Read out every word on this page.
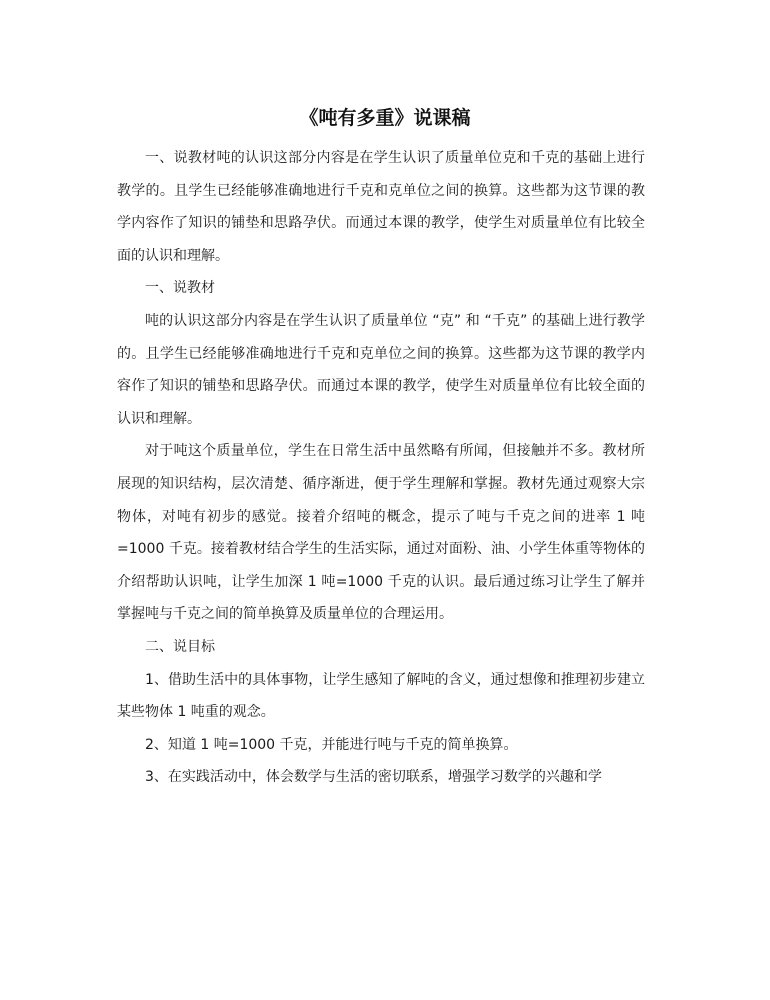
《吨有多重》说课稿

一、说教材吨的认识这部分内容是在学生认识了质量单位克和千克的基础上进行教学的。且学生已经能够准确地进行千克和克单位之间的换算。这些都为这节课的教学内容作了知识的铺垫和思路孕伏。而通过本课的教学，使学生对质量单位有比较全面的认识和理解。

一、说教材

吨的认识这部分内容是在学生认识了质量单位 “克” 和 “千克” 的基础上进行教学的。且学生已经能够准确地进行千克和克单位之间的换算。这些都为这节课的教学内容作了知识的铺垫和思路孕伏。而通过本课的教学，使学生对质量单位有比较全面的认识和理解。

对于吨这个质量单位，学生在日常生活中虽然略有所闻，但接触并不多。教材所展现的知识结构，层次清楚、循序渐进，便于学生理解和掌握。教材先通过观察大宗物体，对吨有初步的感觉。接着介绍吨的概念，提示了吨与千克之间的进率 1 吨=1000 千克。接着教材结合学生的生活实际，通过对面粉、油、小学生体重等物体的介绍帮助认识吨，让学生加深 1 吨=1000 千克的认识。最后通过练习让学生了解并掌握吨与千克之间的简单换算及质量单位的合理运用。

二、说目标

1、借助生活中的具体事物，让学生感知了解吨的含义，通过想像和推理初步建立某些物体 1 吨重的观念。

2、知道 1 吨=1000 千克，并能进行吨与千克的简单换算。

3、在实践活动中，体会数学与生活的密切联系，增强学习数学的兴趣和学
